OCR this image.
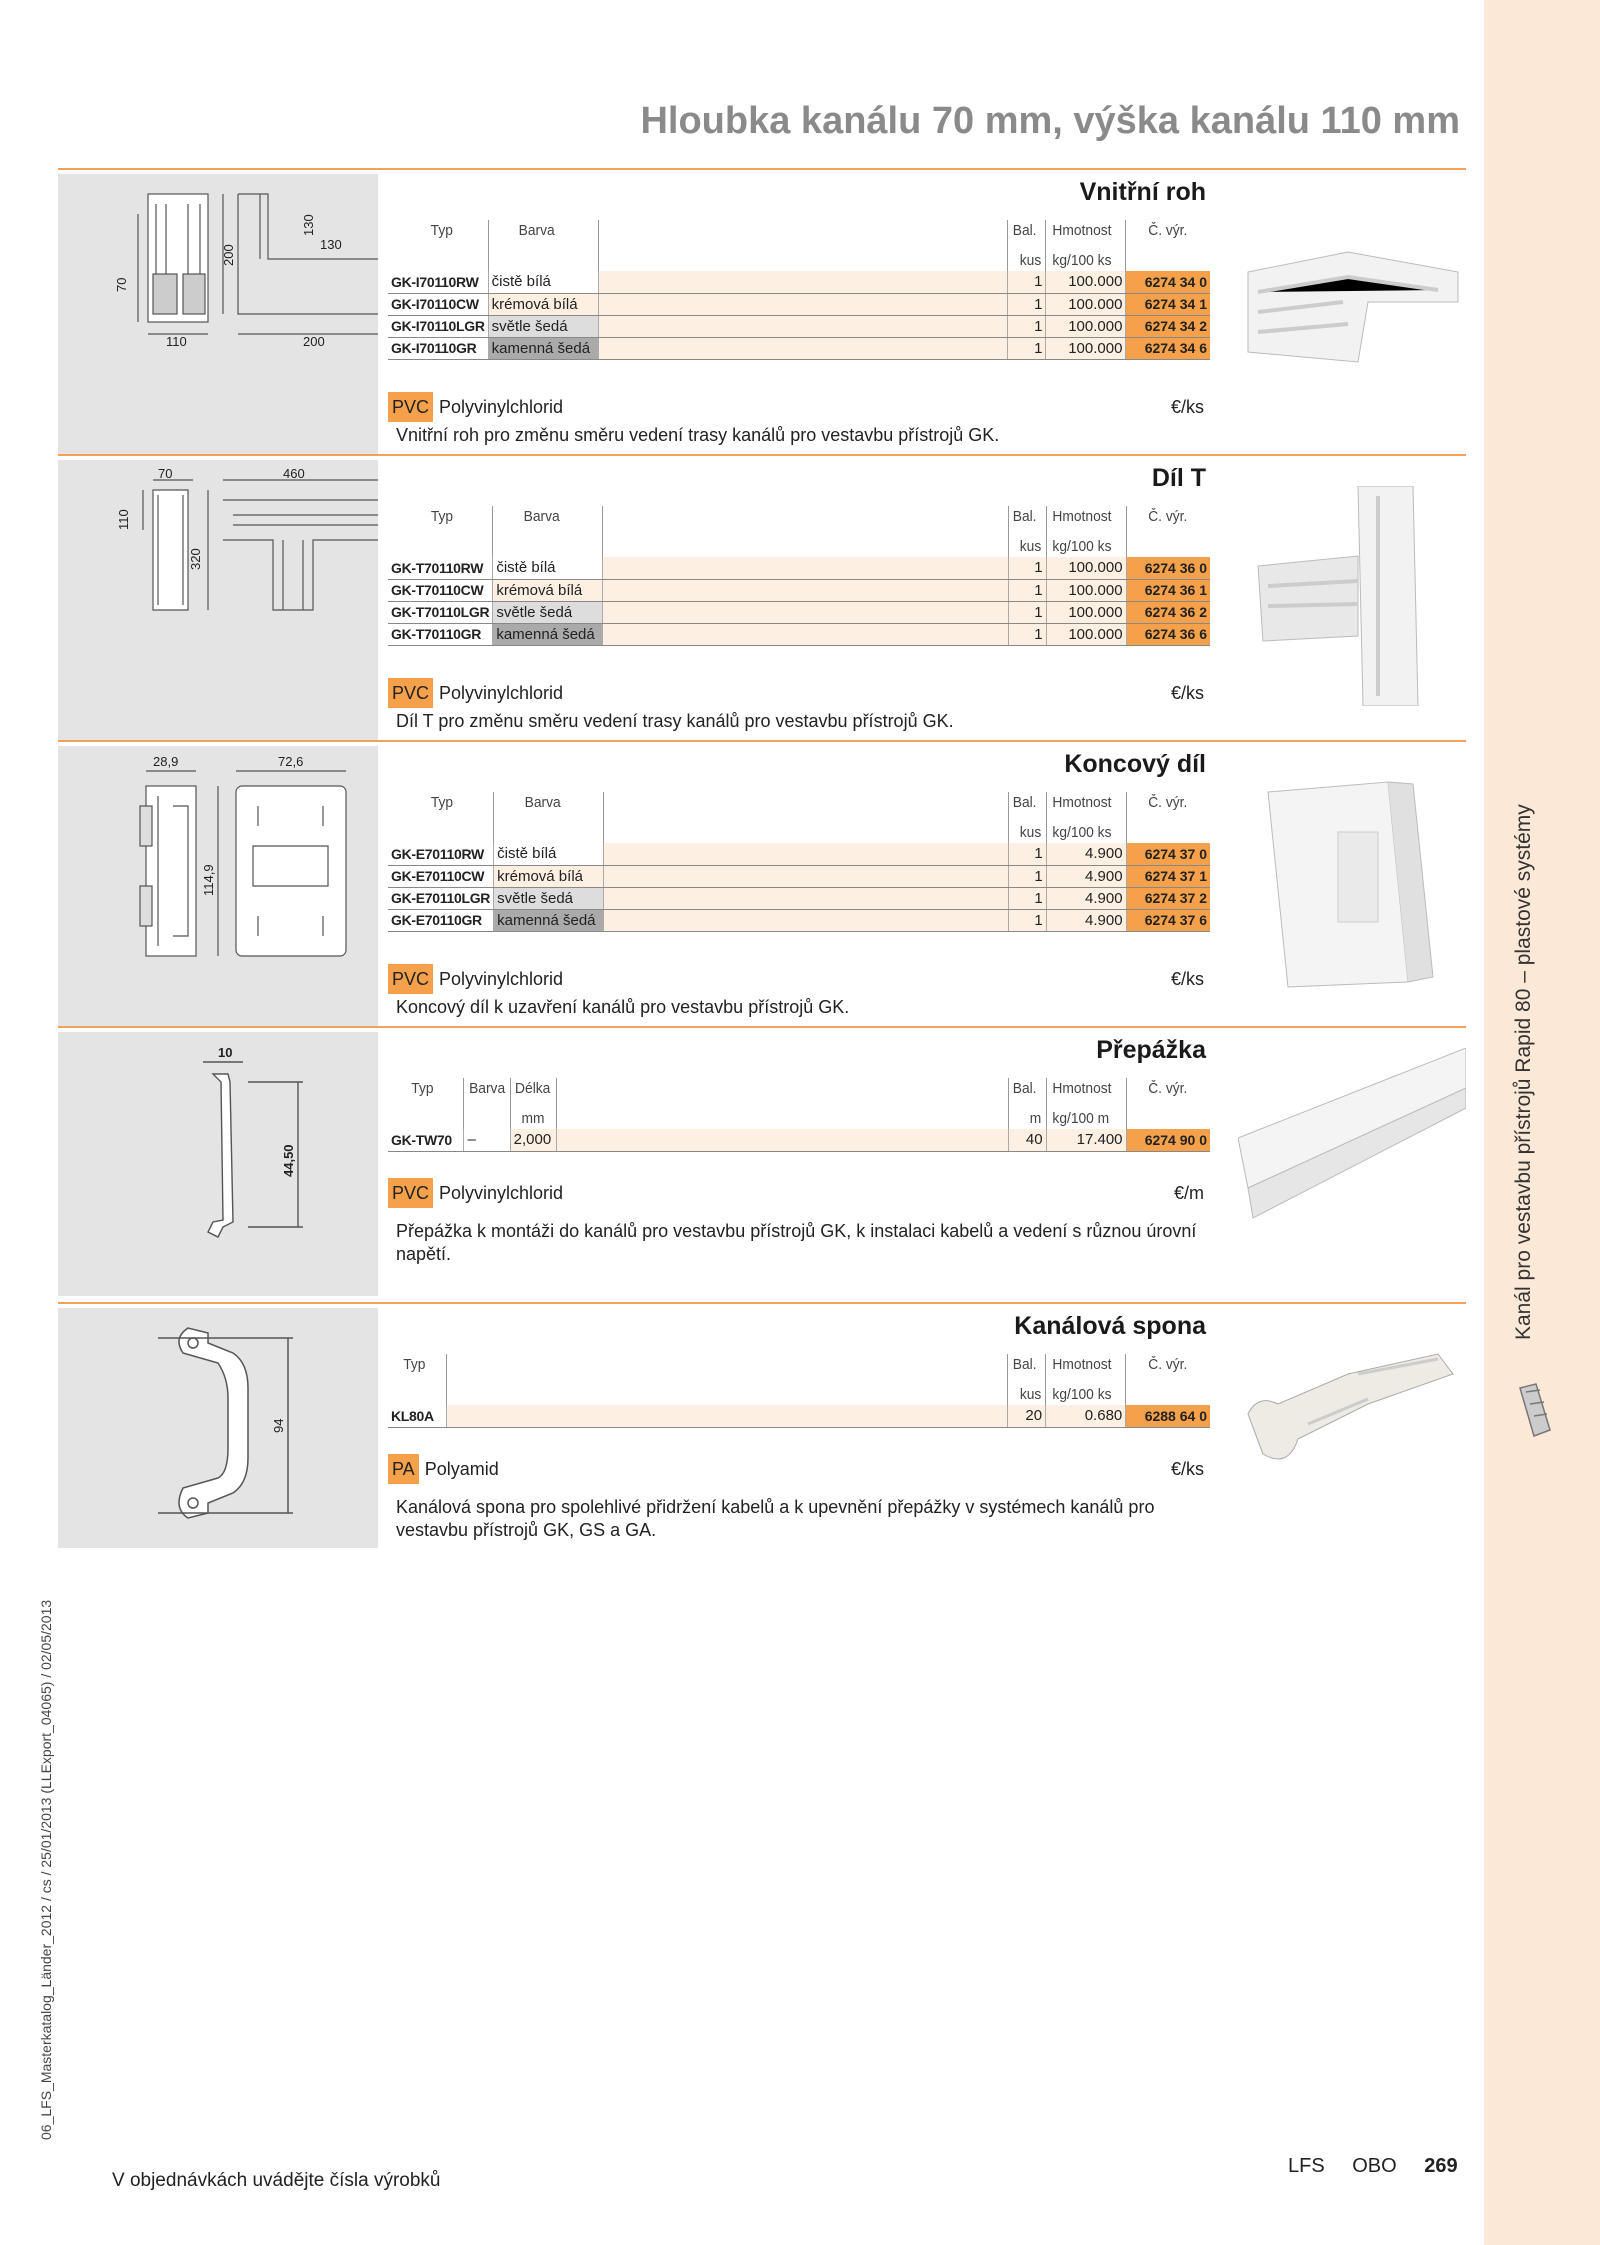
Kanál pro vestavbu přístrojů Rapid 80 – plastové systémy
06_LFS_Masterkatalog_Länder_2012 / cs / 25/01/2013 (LLExport_04065) / 02/05/2013
Hloubka kanálu 70 mm, výška kanálu 110 mm
70
200
130
130
110	200
Vnitřní roh
Typ	Barva		Bal.	Hmotnost	Č. výr.
			kus	kg/100 ks	
GK-I70110RW	čistě bílá		1	100.000	6274 34 0
GK-I70110CW	krémová bílá		1	100.000	6274 34 1
GK-I70110LGR	světle šedá		1	100.000	6274 34 2
GK-I70110GR	kamenná šedá		1	100.000	6274 34 6
PVC Polyvinylchlorid	€/ks
Vnitřní roh pro změnu směru vedení trasy kanálů pro vestavbu přístrojů GK.
70	460
110
320
Díl T
Typ	Barva		Bal.	Hmotnost	Č. výr.
			kus	kg/100 ks	
GK-T70110RW	čistě bílá		1	100.000	6274 36 0
GK-T70110CW	krémová bílá		1	100.000	6274 36 1
GK-T70110LGR	světle šedá		1	100.000	6274 36 2
GK-T70110GR	kamenná šedá		1	100.000	6274 36 6
PVC Polyvinylchlorid	€/ks
Díl T pro změnu směru vedení trasy kanálů pro vestavbu přístrojů GK.
28,9	72,6
114,9
Koncový díl
Typ	Barva		Bal.	Hmotnost	Č. výr.
			kus	kg/100 ks	
GK-E70110RW	čistě bílá		1	4.900	6274 37 0
GK-E70110CW	krémová bílá		1	4.900	6274 37 1
GK-E70110LGR	světle šedá		1	4.900	6274 37 2
GK-E70110GR	kamenná šedá		1	4.900	6274 37 6
PVC Polyvinylchlorid	€/ks
Koncový díl k uzavření kanálů pro vestavbu přístrojů GK.
10
44,50
Přepážka
Typ	Barva	Délka		Bal.	Hmotnost	Č. výr.
		mm		m	kg/100 m	
GK-TW70	–	2,000		40	17.400	6274 90 0
PVC Polyvinylchlorid	€/m
Přepážka k montáži do kanálů pro vestavbu přístrojů GK, k instalaci kabelů a vedení s různou úrovní napětí.
94
Kanálová spona
Typ		Bal.	Hmotnost	Č. výr.
		kus	kg/100 ks	
KL80A		20	0.680	6288 64 0
PA Polyamid	€/ks
Kanálová spona pro spolehlivé přidržení kabelů a k upevnění přepážky v systémech kanálů pro vestavbu přístrojů GK, GS a GA.
V objednávkách uvádějte čísla výrobků
LFS OBO 269
